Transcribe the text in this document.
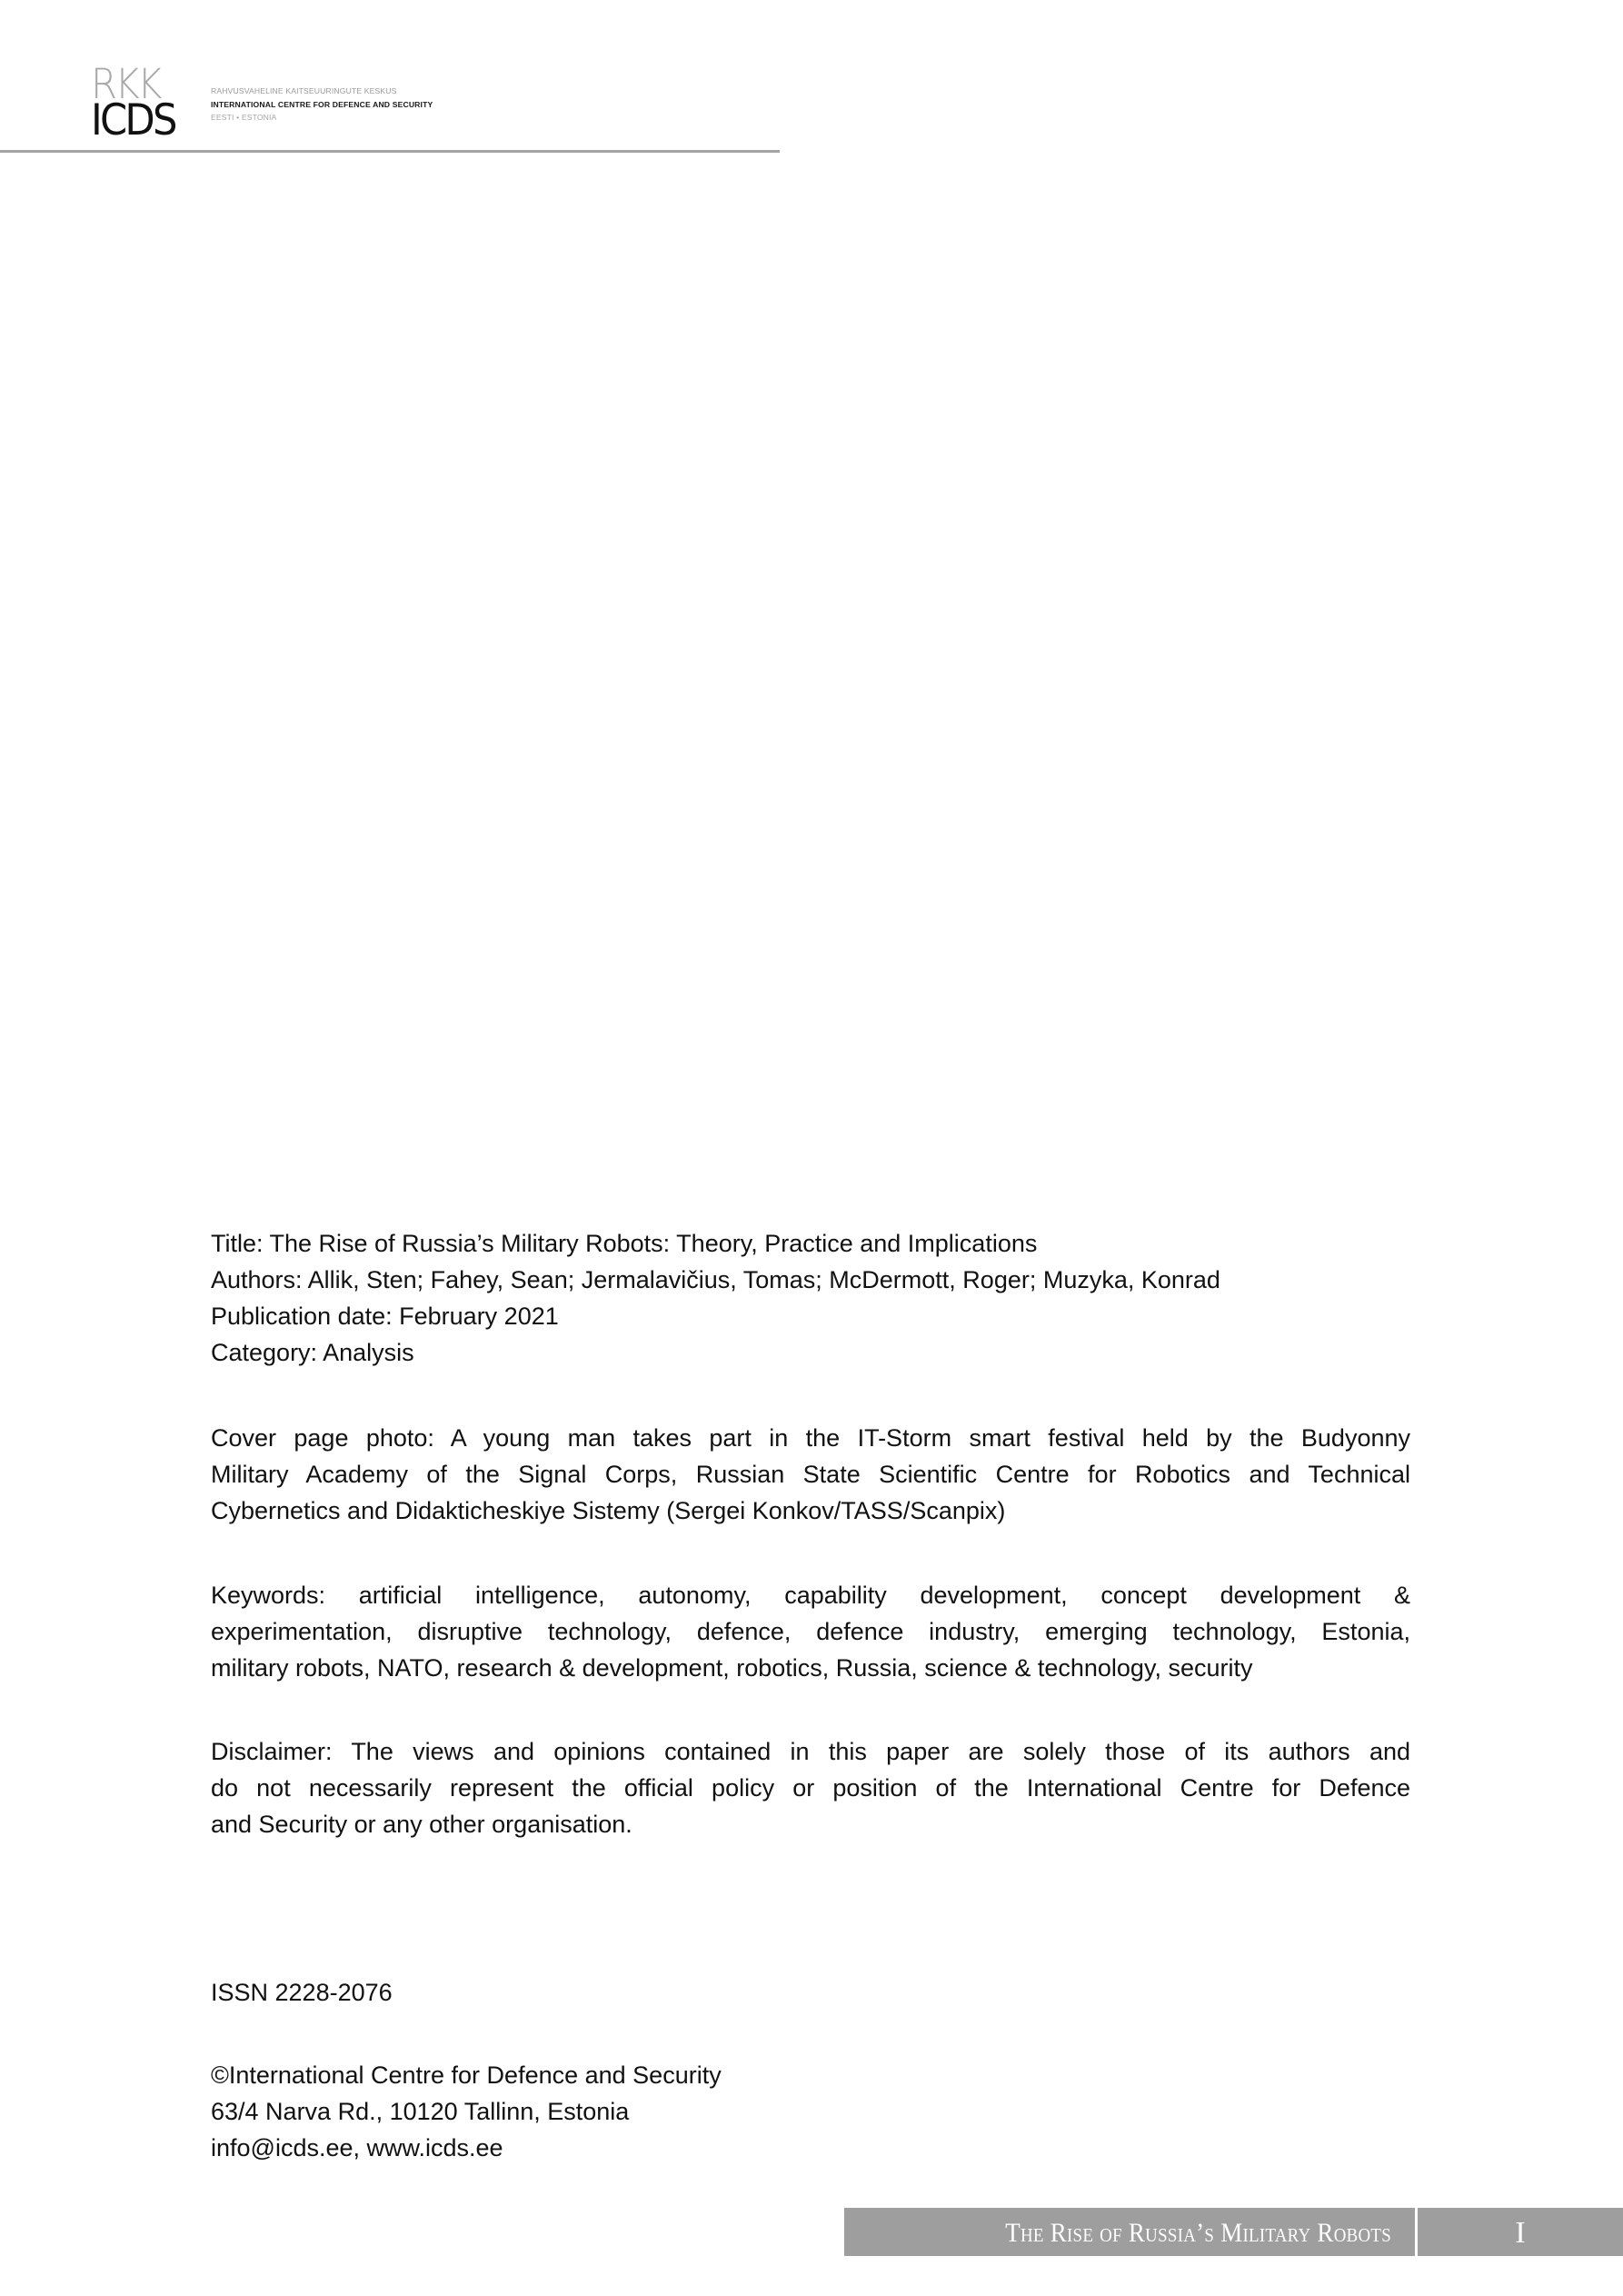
RKK
ICDS
RAHVUSVAHELINE KAITSEUURINGUTE KESKUS
INTERNATIONAL CENTRE FOR DEFENCE AND SECURITY
EESTI • ESTONIA
Title: The Rise of Russia’s Military Robots: Theory, Practice and Implications
Authors: Allik, Sten; Fahey, Sean; Jermalavičius, Tomas; McDermott, Roger; Muzyka, Konrad
Publication date: February 2021
Category: Analysis
Cover page photo: A young man takes part in the IT-Storm smart festival held by the Budyonny
Military Academy of the Signal Corps, Russian State Scientific Centre for Robotics and Technical
Cybernetics and Didakticheskiye Sistemy (Sergei Konkov/TASS/Scanpix)
Keywords: artificial intelligence, autonomy, capability development, concept development &
experimentation, disruptive technology, defence, defence industry, emerging technology, Estonia,
military robots, NATO, research & development, robotics, Russia, science & technology, security
Disclaimer: The views and opinions contained in this paper are solely those of its authors and
do not necessarily represent the official policy or position of the International Centre for Defence
and Security or any other organisation.
ISSN 2228-2076
©International Centre for Defence and Security
63/4 Narva Rd., 10120 Tallinn, Estonia
info@icds.ee, www.icds.ee
The Rise of Russia’s Military Robots	I
